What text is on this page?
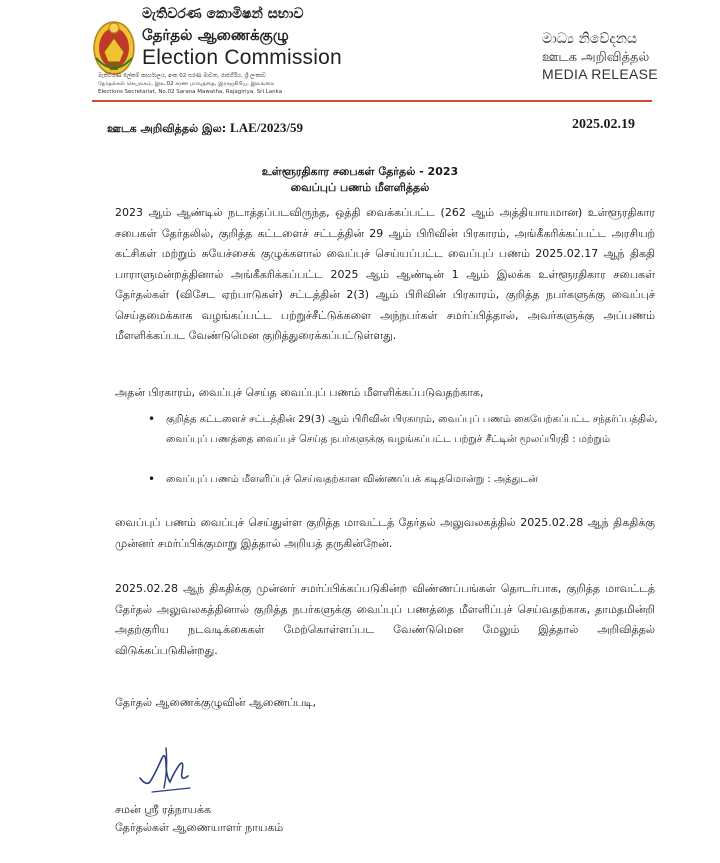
මැතිවරණ කොමිෂන් සභාව
தேர்தல் ஆணைக்குழு
Election Commission
මැතිවරණ ලේකම් කාර්යාලය, අංක 02 සරණ මාවත, රාජගිරිය, ශ්‍රී ලංකාව
தேர்தல்கள் செயலகம், இல.02 சரண மாவத்தை, இராஜகிரிய, இலங்கை
Elections Secretariat, No.02 Sarana Mawatha, Rajagiriya, Sri Lanka
මාධ්‍ය නිවේදනය
ஊடக அறிவித்தல்
MEDIA RELEASE
ஊடக அறிவித்தல் இல: LAE/2023/59	2025.02.19
உள்ளூரதிகார சபைகள் தேர்தல் - 2023
வைப்புப் பணம் மீளளித்தல்

2023 ஆம் ஆண்டில் நடாத்தப்படவிருந்த, ஒத்தி வைக்கப்பட்ட (262 ஆம் அத்தியாயமான) உள்ளூரதிகார சபைகள் தேர்தலில், குறித்த கட்டளைச் சட்டத்தின் 29 ஆம் பிரிவின் பிரகாரம், அங்கீகரிக்கப்பட்ட அரசியற் கட்சிகள் மற்றும் சுயேச்சைக் குழுக்களால் வைப்புச் செய்யப்பட்ட வைப்புப் பணம் 2025.02.17 ஆந் திகதி பாராளுமன்றத்தினால் அங்கீகரிக்கப்பட்ட 2025 ஆம் ஆண்டின் 1 ஆம் இலக்க உள்ளூரதிகார சபைகள் தேர்தல்கள் (விசேட ஏற்பாடுகள்) சட்டத்தின் 2(3) ஆம் பிரிவின் பிரகாரம், குறித்த நபர்களுக்கு வைப்புச் செய்தமைக்காக வழங்கப்பட்ட பற்றுச்சீட்டுக்களை அந்நபர்கள் சமர்ப்பித்தால், அவர்களுக்கு அப்பணம் மீளளிக்கப்பட வேண்டுமென குறித்துரைக்கப்பட்டுள்ளது.

அதன் பிரகாரம், வைப்புச் செய்த வைப்புப் பணம் மீளளிக்கப்படுவதற்காக,

• குறித்த கட்டளைச் சட்டத்தின் 29(3) ஆம் பிரிவின் பிரகாரம், வைப்புப் பணம் கையேற்கப்பட்ட சந்தர்ப்பத்தில், வைப்புப் பணத்தை வைப்புச் செய்த நபர்களுக்கு வழங்கப்பட்ட பற்றுச் சீட்டின் மூலப்பிரதி : மற்றும்
• வைப்புப் பணம் மீளளிப்புச் செய்வதற்கான விண்ணப்பக் கடிதமொன்று : அத்துடன்

வைப்புப் பணம் வைப்புச் செய்துள்ள குறித்த மாவட்டத் தேர்தல் அலுவலகத்தில் 2025.02.28 ஆந் திகதிக்கு முன்னர் சமர்ப்பிக்குமாறு இத்தால் அறியத் தருகின்றேன்.

2025.02.28 ஆந் திகதிக்கு முன்னர் சமர்ப்பிக்கப்படுகின்ற விண்ணப்பங்கள் தொடர்பாக, குறித்த மாவட்டத் தேர்தல் அலுவலகத்தினால் குறித்த நபர்களுக்கு வைப்புப் பணத்தை மீளளிப்புச் செய்வதற்காக, தாமதமின்றி அதற்குரிய நடவடிக்கைகள் மேற்கொள்ளப்பட வேண்டுமென மேலும் இத்தால் அறிவித்தல் விடுக்கப்படுகின்றது.

தேர்தல் ஆணைக்குழுவின் ஆணைப்படி,

சமன் ஸ்ரீ ரத்நாயக்க
தேர்தல்கள் ஆணையாளர் நாயகம்
